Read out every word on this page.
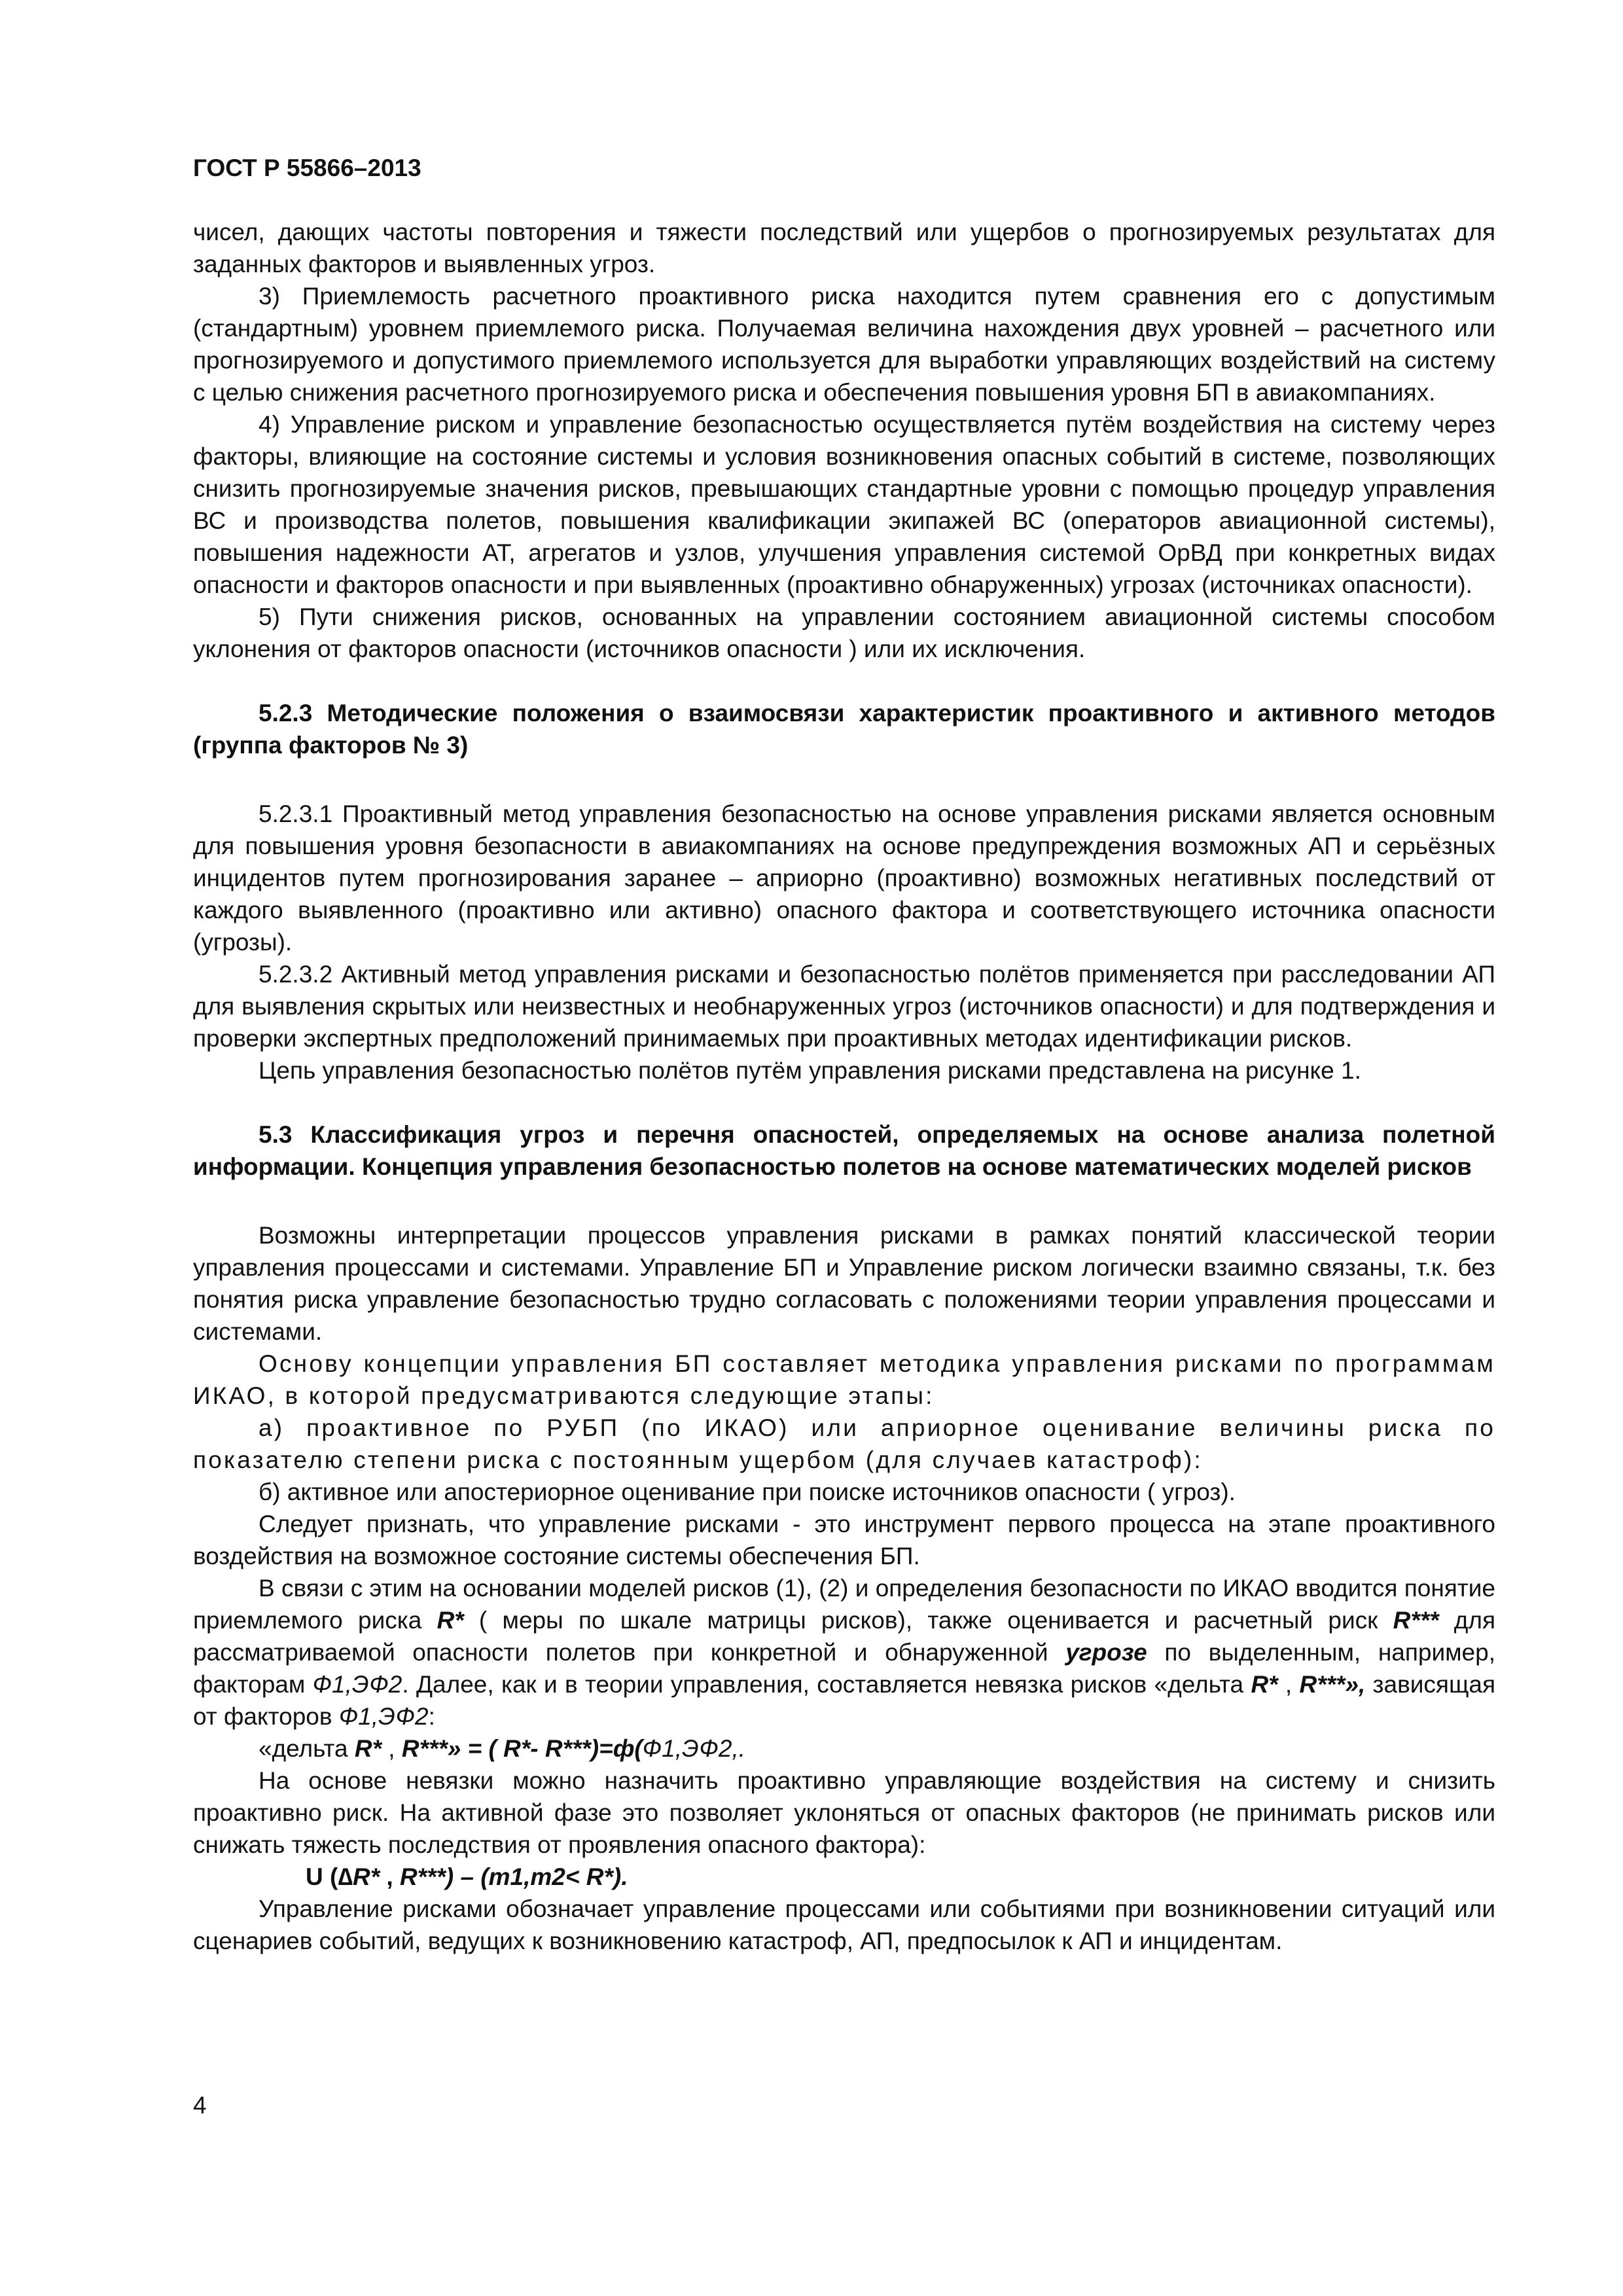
ГОСТ Р 55866–2013

чисел, дающих частоты повторения и тяжести последствий или ущербов о прогнозируемых результатах для заданных факторов и выявленных угроз.

3) Приемлемость расчетного проактивного риска находится путем сравнения его с допустимым (стандартным) уровнем приемлемого риска. Получаемая величина нахождения двух уровней – расчетного или прогнозируемого и допустимого приемлемого используется для выработки управляющих воздействий на систему с целью снижения расчетного прогнозируемого риска и обеспечения повышения уровня БП в авиакомпаниях.

4) Управление риском и управление безопасностью осуществляется путём воздействия на систему через факторы, влияющие на состояние системы и условия возникновения опасных событий в системе, позволяющих снизить прогнозируемые значения рисков, превышающих стандартные уровни с помощью процедур управления ВС и производства полетов, повышения квалификации экипажей ВС (операторов авиационной системы), повышения надежности АТ, агрегатов и узлов, улучшения управления системой ОрВД при конкретных видах опасности и факторов опасности и при выявленных (проактивно обнаруженных) угрозах (источниках опасности).

5) Пути снижения рисков, основанных на управлении состоянием авиационной системы способом уклонения от факторов опасности (источников опасности ) или их исключения.

5.2.3 Методические положения о взаимосвязи характеристик проактивного и активного методов (группа факторов № 3)

5.2.3.1 Проактивный метод управления безопасностью на основе управления рисками является основным для повышения уровня безопасности в авиакомпаниях на основе предупреждения возможных АП и серьёзных инцидентов путем прогнозирования заранее – априорно (проактивно) возможных негативных последствий от каждого выявленного (проактивно или активно) опасного фактора и соответствующего источника опасности (угрозы).

5.2.3.2 Активный метод управления рисками и безопасностью полётов применяется при расследовании АП для выявления скрытых или неизвестных и необнаруженных угроз (источников опасности) и для подтверждения и проверки экспертных предположений принимаемых при проактивных методах идентификации рисков.

Цепь управления безопасностью полётов путём управления рисками представлена на рисунке 1.

5.3 Классификация угроз и перечня опасностей, определяемых на основе анализа полетной информации. Концепция управления безопасностью полетов на основе математических моделей рисков

Возможны интерпретации процессов управления рисками в рамках понятий классической теории управления процессами и системами. Управление БП и Управление риском логически взаимно связаны, т.к. без понятия риска управление безопасностью трудно согласовать с положениями теории управления процессами и системами.

Основу концепции управления БП составляет методика управления рисками по программам ИКАО, в которой предусматриваются следующие этапы:

а) проактивное по РУБП (по ИКАО) или априорное оценивание величины риска по показателю степени риска с постоянным ущербом (для случаев катастроф):

б) активное или апостериорное оценивание при поиске источников опасности ( угроз).

Следует признать, что управление рисками - это инструмент первого процесса на этапе проактивного воздействия на возможное состояние системы обеспечения БП.

В связи с этим на основании моделей рисков (1), (2) и определения безопасности по ИКАО вводится понятие приемлемого риска R* ( меры по шкале матрицы рисков), также оценивается и расчетный риск R*** для рассматриваемой опасности полетов при конкретной и обнаруженной угрозе по выделенным, например, факторам Ф1,ЭФ2. Далее, как и в теории управления, составляется невязка рисков «дельта R* , R***», зависящая от факторов Ф1,ЭФ2:

«дельта R* , R***» = ( R*- R***)=ф(Ф1,ЭФ2,.

На основе невязки можно назначить проактивно управляющие воздействия на систему и снизить проактивно риск. На активной фазе это позволяет уклоняться от опасных факторов (не принимать рисков или снижать тяжесть последствия от проявления опасного фактора):

U (∆R* , R***) – (m1,m2< R*).

Управление рисками обозначает управление процессами или событиями при возникновении ситуаций или сценариев событий, ведущих к возникновению катастроф, АП, предпосылок к АП и инцидентам.

4
